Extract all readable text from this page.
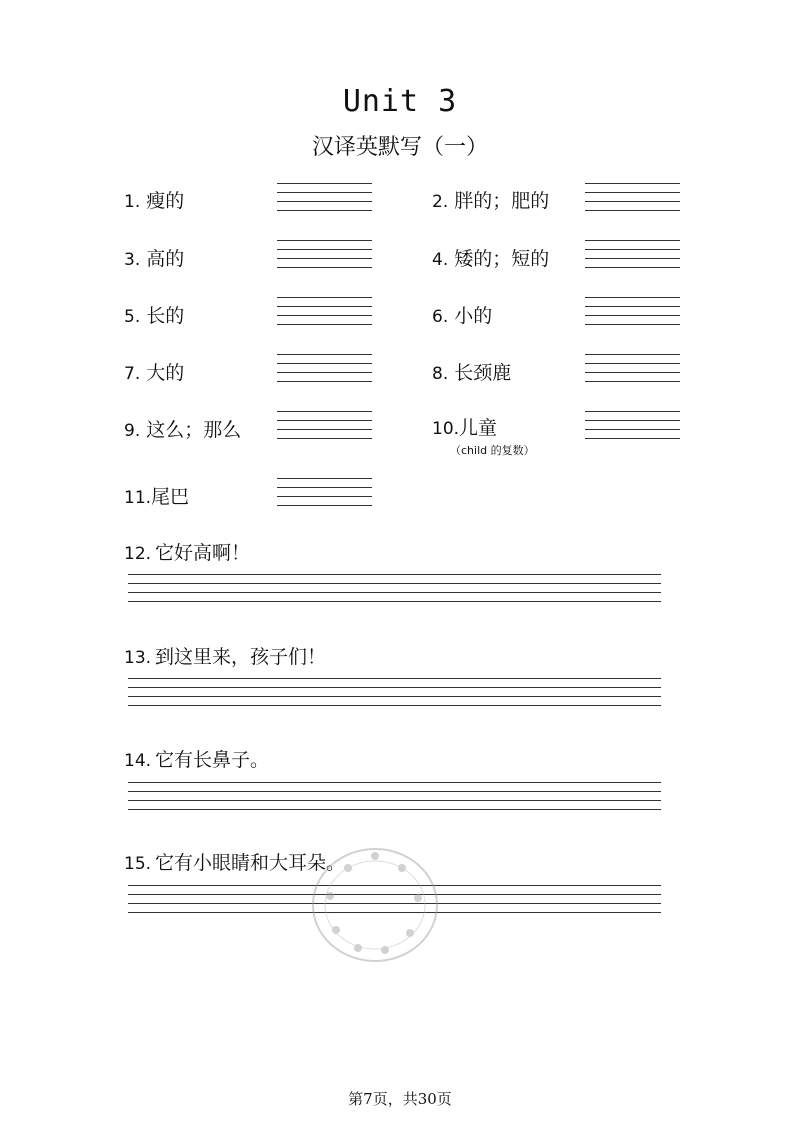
Unit 3
汉译英默写（一）
1. 瘦的	2. 胖的；肥的
3. 高的	4. 矮的；短的
5. 长的	6. 小的
7. 大的	8. 长颈鹿
9. 这么；那么	10.儿童
（child 的复数）
11.尾巴
12. 它好高啊！
13. 到这里来，孩子们！
14. 它有长鼻子。
15. 它有小眼睛和大耳朵。
第7页，共30页
